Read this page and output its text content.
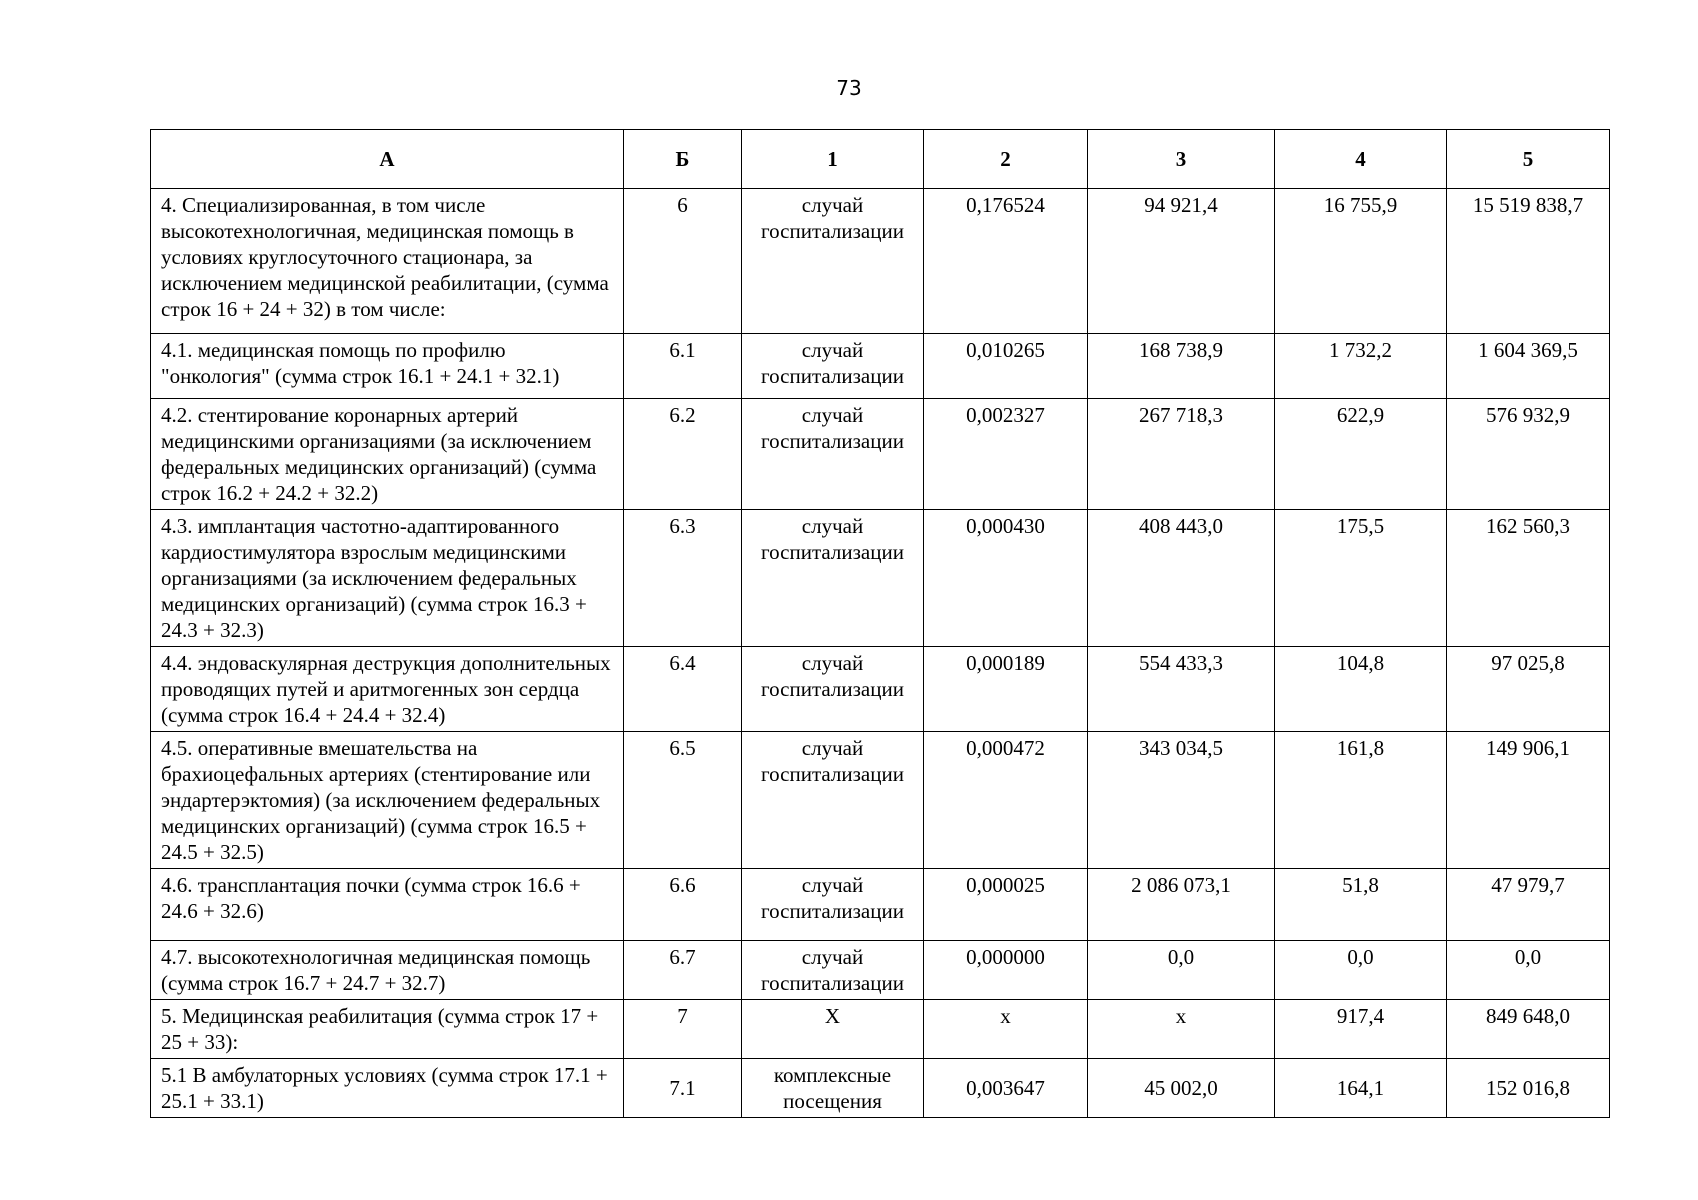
73
А	Б	1	2	3	4	5
4. Специализированная, в том числе высокотехнологичная, медицинская помощь в условиях круглосуточного стационара, за исключением медицинской реабилитации, (сумма строк 16 + 24 + 32) в том числе:	6	случай госпитализации	0,176524	94 921,4	16 755,9	15 519 838,7
4.1. медицинская помощь по профилю "онкология" (сумма строк 16.1 + 24.1 + 32.1)	6.1	случай госпитализации	0,010265	168 738,9	1 732,2	1 604 369,5
4.2. стентирование коронарных артерий медицинскими организациями (за исключением федеральных медицинских организаций) (сумма строк 16.2 + 24.2 + 32.2)	6.2	случай госпитализации	0,002327	267 718,3	622,9	576 932,9
4.3. имплантация частотно-адаптированного кардиостимулятора взрослым медицинскими организациями (за исключением федеральных медицинских организаций) (сумма строк 16.3 + 24.3 + 32.3)	6.3	случай госпитализации	0,000430	408 443,0	175,5	162 560,3
4.4. эндоваскулярная деструкция дополнительных проводящих путей и аритмогенных зон сердца (сумма строк 16.4 + 24.4 + 32.4)	6.4	случай госпитализации	0,000189	554 433,3	104,8	97 025,8
4.5. оперативные вмешательства на брахиоцефальных артериях (стентирование или эндартерэктомия) (за исключением федеральных медицинских организаций) (сумма строк 16.5 + 24.5 + 32.5)	6.5	случай госпитализации	0,000472	343 034,5	161,8	149 906,1
4.6. трансплантация почки (сумма строк 16.6 + 24.6 + 32.6)	6.6	случай госпитализации	0,000025	2 086 073,1	51,8	47 979,7
4.7. высокотехнологичная медицинская помощь (сумма строк 16.7 + 24.7 + 32.7)	6.7	случай госпитализации	0,000000	0,0	0,0	0,0
5. Медицинская реабилитация (сумма строк 17 + 25 + 33):	7	Х	х	х	917,4	849 648,0
5.1 В амбулаторных условиях (сумма строк 17.1 + 25.1 + 33.1)	7.1	комплексные посещения	0,003647	45 002,0	164,1	152 016,8
